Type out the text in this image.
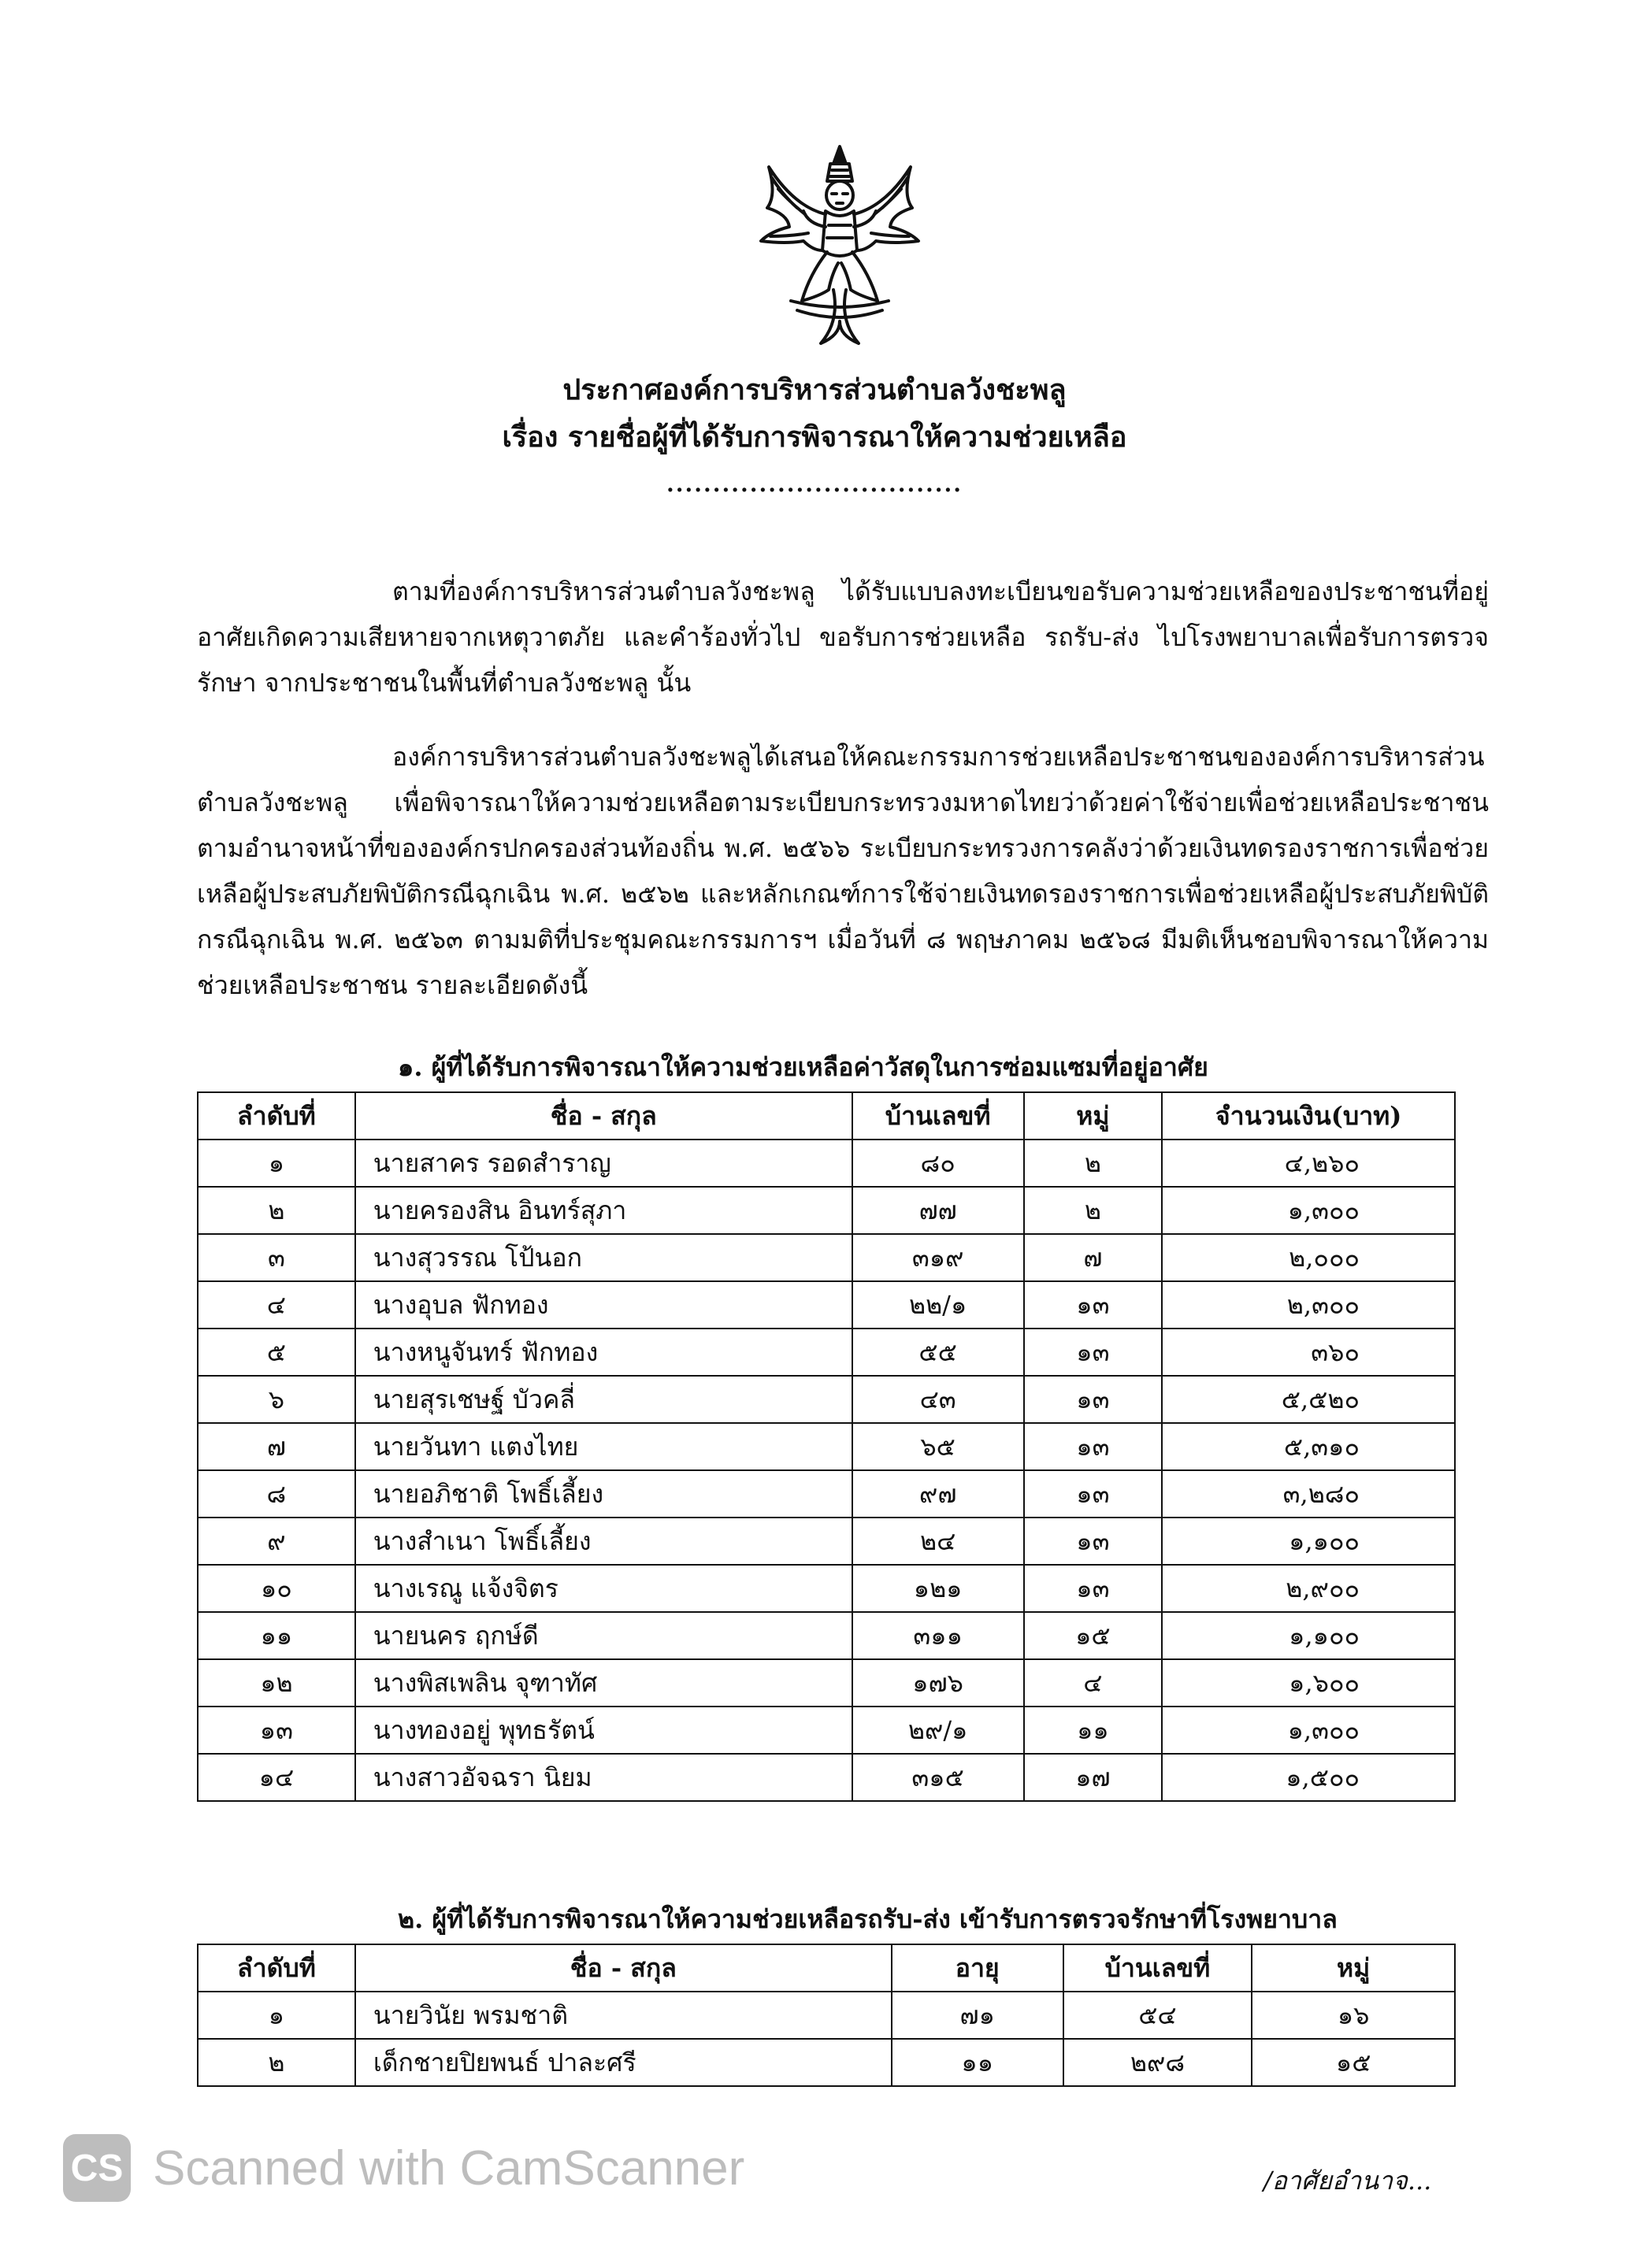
ประกาศองค์การบริหารส่วนตำบลวังชะพลู
เรื่อง รายชื่อผู้ที่ได้รับการพิจารณาให้ความช่วยเหลือ
................................

ตามที่องค์การบริหารส่วนตำบลวังชะพลู ได้รับแบบลงทะเบียนขอรับความช่วยเหลือของประชาชนที่อยู่อาศัยเกิดความเสียหายจากเหตุวาตภัย และคำร้องทั่วไป ขอรับการช่วยเหลือ รถรับ-ส่ง ไปโรงพยาบาลเพื่อรับการตรวจรักษา จากประชาชนในพื้นที่ตำบลวังชะพลู นั้น

องค์การบริหารส่วนตำบลวังชะพลูได้เสนอให้คณะกรรมการช่วยเหลือประชาชนขององค์การบริหารส่วนตำบลวังชะพลู เพื่อพิจารณาให้ความช่วยเหลือตามระเบียบกระทรวงมหาดไทยว่าด้วยค่าใช้จ่ายเพื่อช่วยเหลือประชาชนตามอำนาจหน้าที่ขององค์กรปกครองส่วนท้องถิ่น พ.ศ. ๒๕๖๖ ระเบียบกระทรวงการคลังว่าด้วยเงินทดรองราชการเพื่อช่วยเหลือผู้ประสบภัยพิบัติกรณีฉุกเฉิน พ.ศ. ๒๕๖๒ และหลักเกณฑ์การใช้จ่ายเงินทดรองราชการเพื่อช่วยเหลือผู้ประสบภัยพิบัติกรณีฉุกเฉิน พ.ศ. ๒๕๖๓ ตามมติที่ประชุมคณะกรรมการฯ เมื่อวันที่ ๘ พฤษภาคม ๒๕๖๘ มีมติเห็นชอบพิจารณาให้ความช่วยเหลือประชาชน รายละเอียดดังนี้

๑. ผู้ที่ได้รับการพิจารณาให้ความช่วยเหลือค่าวัสดุในการซ่อมแซมที่อยู่อาศัย
ลำดับที่	ชื่อ - สกุล	บ้านเลขที่	หมู่	จำนวนเงิน(บาท)
๑	นายสาคร รอดสำราญ	๘๐	๒	๔,๒๖๐
๒	นายครองสิน อินทร์สุภา	๗๗	๒	๑,๓๐๐
๓	นางสุวรรณ โป้นอก	๓๑๙	๗	๒,๐๐๐
๔	นางอุบล ฟักทอง	๒๒/๑	๑๓	๒,๓๐๐
๕	นางหนูจันทร์ ฟักทอง	๕๕	๑๓	๓๖๐
๖	นายสุรเชษฐ์ บัวคลี่	๔๓	๑๓	๕,๕๒๐
๗	นายวันทา แตงไทย	๖๕	๑๓	๕,๓๑๐
๘	นายอภิชาติ โพธิ์เลี้ยง	๙๗	๑๓	๓,๒๘๐
๙	นางสำเนา โพธิ์เลี้ยง	๒๔	๑๓	๑,๑๐๐
๑๐	นางเรณู แจ้งจิตร	๑๒๑	๑๓	๒,๙๐๐
๑๑	นายนคร ฤกษ์ดี	๓๑๑	๑๕	๑,๑๐๐
๑๒	นางพิสเพลิน จุฑาทัศ	๑๗๖	๔	๑,๖๐๐
๑๓	นางทองอยู่ พุทธรัตน์	๒๙/๑	๑๑	๑,๓๐๐
๑๔	นางสาวอัจฉรา นิยม	๓๑๕	๑๗	๑,๕๐๐
๒. ผู้ที่ได้รับการพิจารณาให้ความช่วยเหลือรถรับ-ส่ง เข้ารับการตรวจรักษาที่โรงพยาบาล
ลำดับที่	ชื่อ - สกุล	อายุ	บ้านเลขที่	หมู่
๑	นายวินัย พรมชาติ	๗๑	๕๔	๑๖
๒	เด็กชายปิยพนธ์ ปาละศรี	๑๑	๒๙๘	๑๕
CS Scanned with CamScanner	/อาศัยอำนาจ...
